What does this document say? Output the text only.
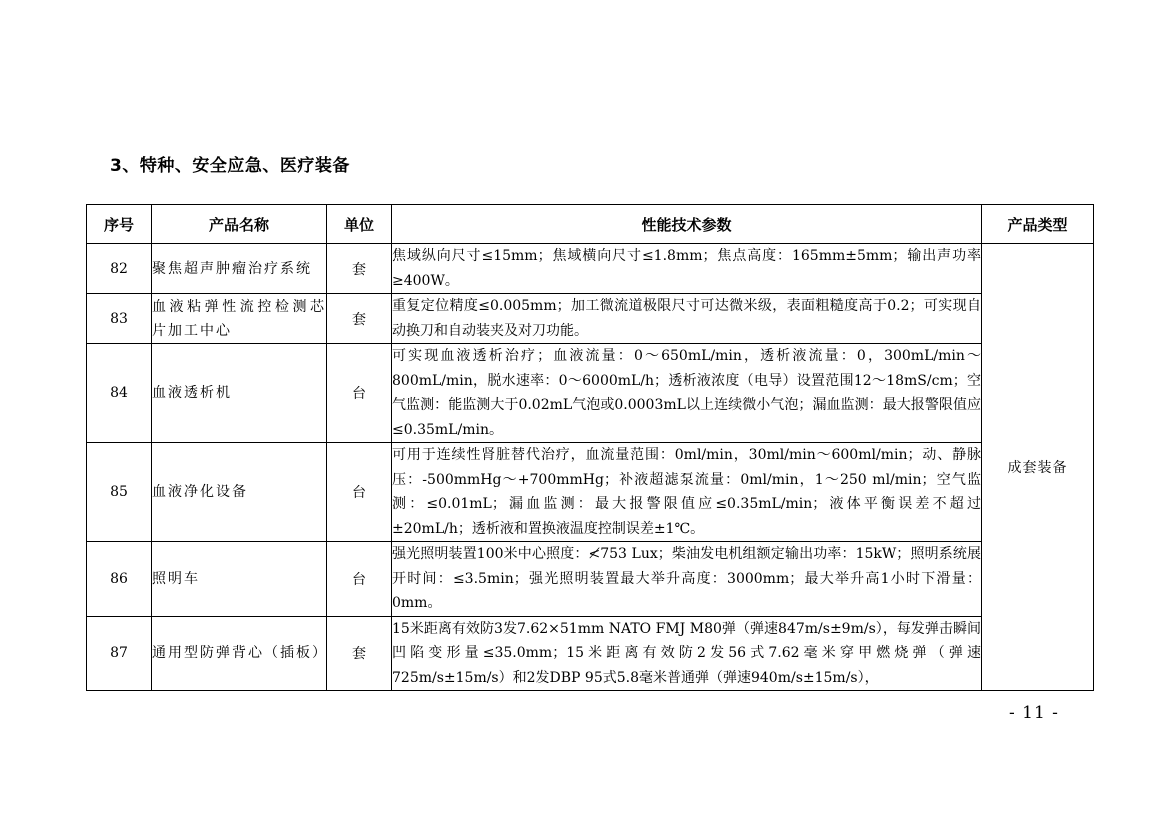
3、特种、安全应急、医疗装备
序号	产品名称	单位	性能技术参数	产品类型
82	聚焦超声肿瘤治疗系统	套	焦域纵向尺寸≤15mm；焦域横向尺寸≤1.8mm；焦点高度：165mm±5mm；输出声功率≥400W。	成套装备
83	血液粘弹性流控检测芯片加工中心	套	重复定位精度≤0.005mm；加工微流道极限尺寸可达微米级，表面粗糙度高于0.2；可实现自动换刀和自动装夹及对刀功能。	
84	血液透析机	台	可实现血液透析治疗；血液流量：0～650mL/min，透析液流量：0，300mL/min～800mL/min，脱水速率：0～6000mL/h；透析液浓度（电导）设置范围12～18mS/cm；空气监测：能监测大于0.02mL气泡或0.0003mL以上连续微小气泡；漏血监测：最大报警限值应≤0.35mL/min。	
85	血液净化设备	台	可用于连续性肾脏替代治疗，血流量范围：0ml/min，30ml/min～600ml/min；动、静脉压：-500mmHg～+700mmHg；补液超滤泵流量：0ml/min，1～250 ml/min；空气监测：≤0.01mL；漏血监测：最大报警限值应≤0.35mL/min；液体平衡误差不超过±20mL/h；透析液和置换液温度控制误差±1℃。	
86	照明车	台	强光照明装置100米中心照度：≮753 Lux；柴油发电机组额定输出功率：15kW；照明系统展开时间：≤3.5min；强光照明装置最大举升高度：3000mm；最大举升高1小时下滑量：0mm。	
87	通用型防弹背心（插板）	套	15米距离有效防3发7.62×51mm NATO FMJ M80弹（弹速847m/s±9m/s），每发弹击瞬间凹陷变形量≤35.0mm；15米距离有效防2发56式7.62毫米穿甲燃烧弹（弹速725m/s±15m/s）和2发DBP 95式5.8毫米普通弹（弹速940m/s±15m/s），	
- 11 -
